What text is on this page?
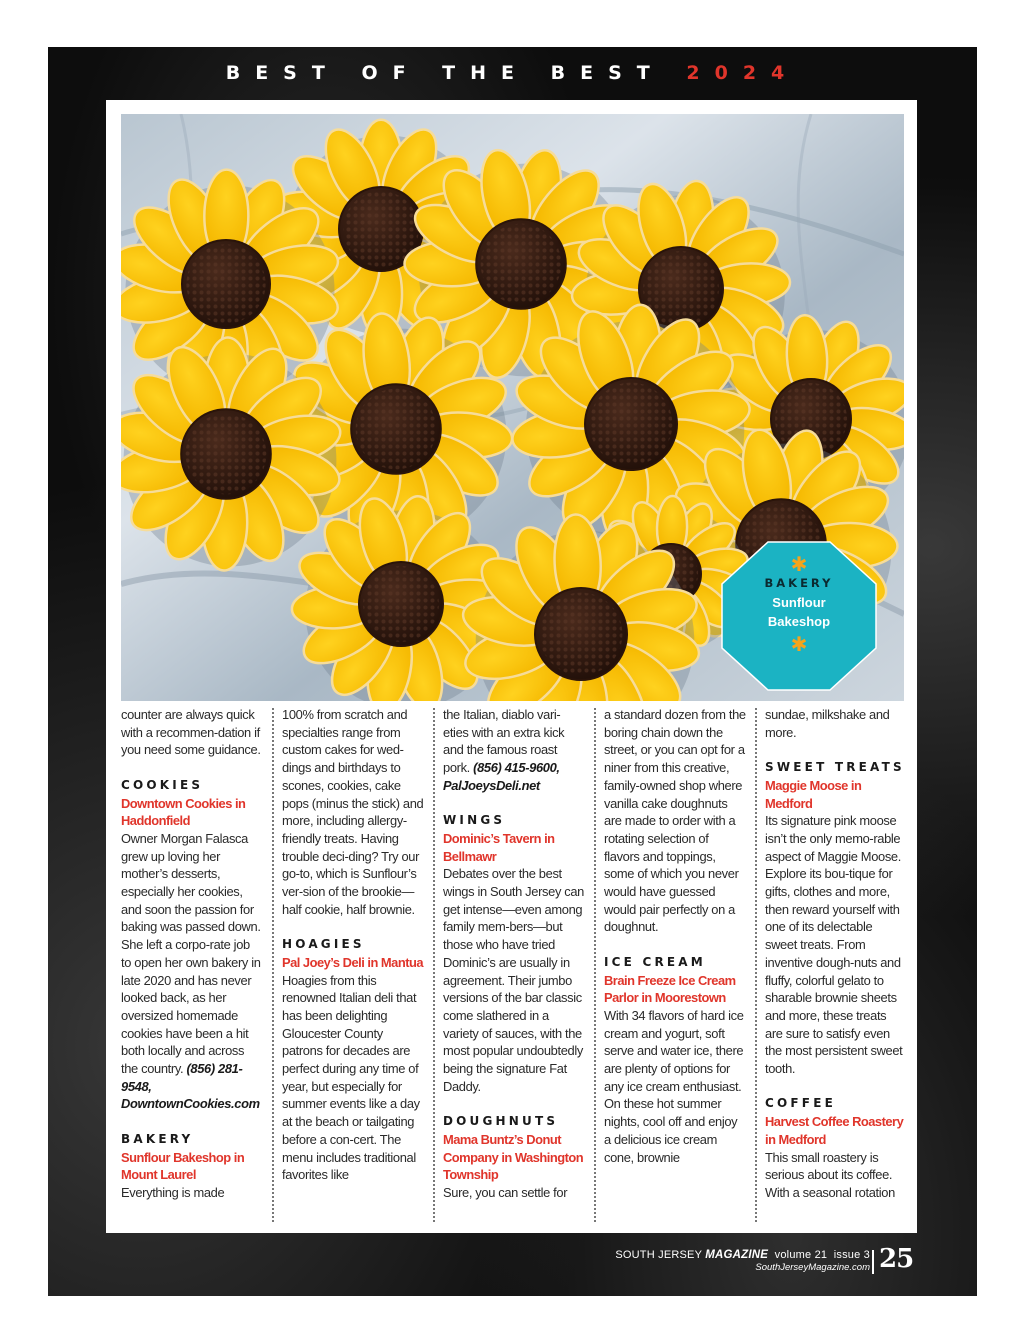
BEST OF THE BEST 2024
✱
BAKERY
Sunflour
Bakeshop
✱

counter are always quick with a recommen-dation if you need some guidance.

COOKIES

Downtown Cookies in Haddonfield

Owner Morgan Falasca grew up loving her mother’s desserts, especially her cookies, and soon the passion for baking was passed down. She left a corpo-rate job to open her own bakery in late 2020 and has never looked back, as her oversized homemade cookies have been a hit both locally and across the country. (856) 281-9548, DowntownCookies.com

BAKERY

Sunflour Bakeshop in Mount Laurel

Everything is made

100% from scratch and specialties range from custom cakes for wed-dings and birthdays to scones, cookies, cake pops (minus the stick) and more, including allergy-friendly treats. Having trouble deci-ding? Try our go-to, which is Sunflour’s ver-sion of the brookie—half cookie, half brownie.

HOAGIES

Pal Joey’s Deli in Mantua

Hoagies from this renowned Italian deli that has been delighting Gloucester County patrons for decades are perfect during any time of year, but especially for summer events like a day at the beach or tailgating before a con-cert. The menu includes traditional favorites like

the Italian, diablo vari-eties with an extra kick and the famous roast pork. (856) 415-9600, PalJoeysDeli.net

WINGS

Dominic’s Tavern in Bellmawr

Debates over the best wings in South Jersey can get intense—even among family mem-bers—but those who have tried Dominic’s are usually in agreement. Their jumbo versions of the bar classic come slathered in a variety of sauces, with the most popular undoubtedly being the signature Fat Daddy.

DOUGHNUTS

Mama Buntz’s Donut Company in Washington Township

Sure, you can settle for

a standard dozen from the boring chain down the street, or you can opt for a niner from this creative, family-owned shop where vanilla cake doughnuts are made to order with a rotating selection of flavors and toppings, some of which you never would have guessed would pair perfectly on a doughnut.

ICE CREAM

Brain Freeze Ice Cream Parlor in Moorestown

With 34 flavors of hard ice cream and yogurt, soft serve and water ice, there are plenty of options for any ice cream enthusiast. On these hot summer nights, cool off and enjoy a delicious ice cream cone, brownie

sundae, milkshake and more.

SWEET TREATS

Maggie Moose in Medford

Its signature pink moose isn’t the only memo-rable aspect of Maggie Moose. Explore its bou-tique for gifts, clothes and more, then reward yourself with one of its delectable sweet treats. From inventive dough-nuts and fluffy, colorful gelato to sharable brownie sheets and more, these treats are sure to satisfy even the most persistent sweet tooth.

COFFEE

Harvest Coffee Roastery in Medford

This small roastery is serious about its coffee. With a seasonal rotation

SOUTH JERSEY MAGAZINE volume 21 issue 3
SouthJerseyMagazine.com 25
